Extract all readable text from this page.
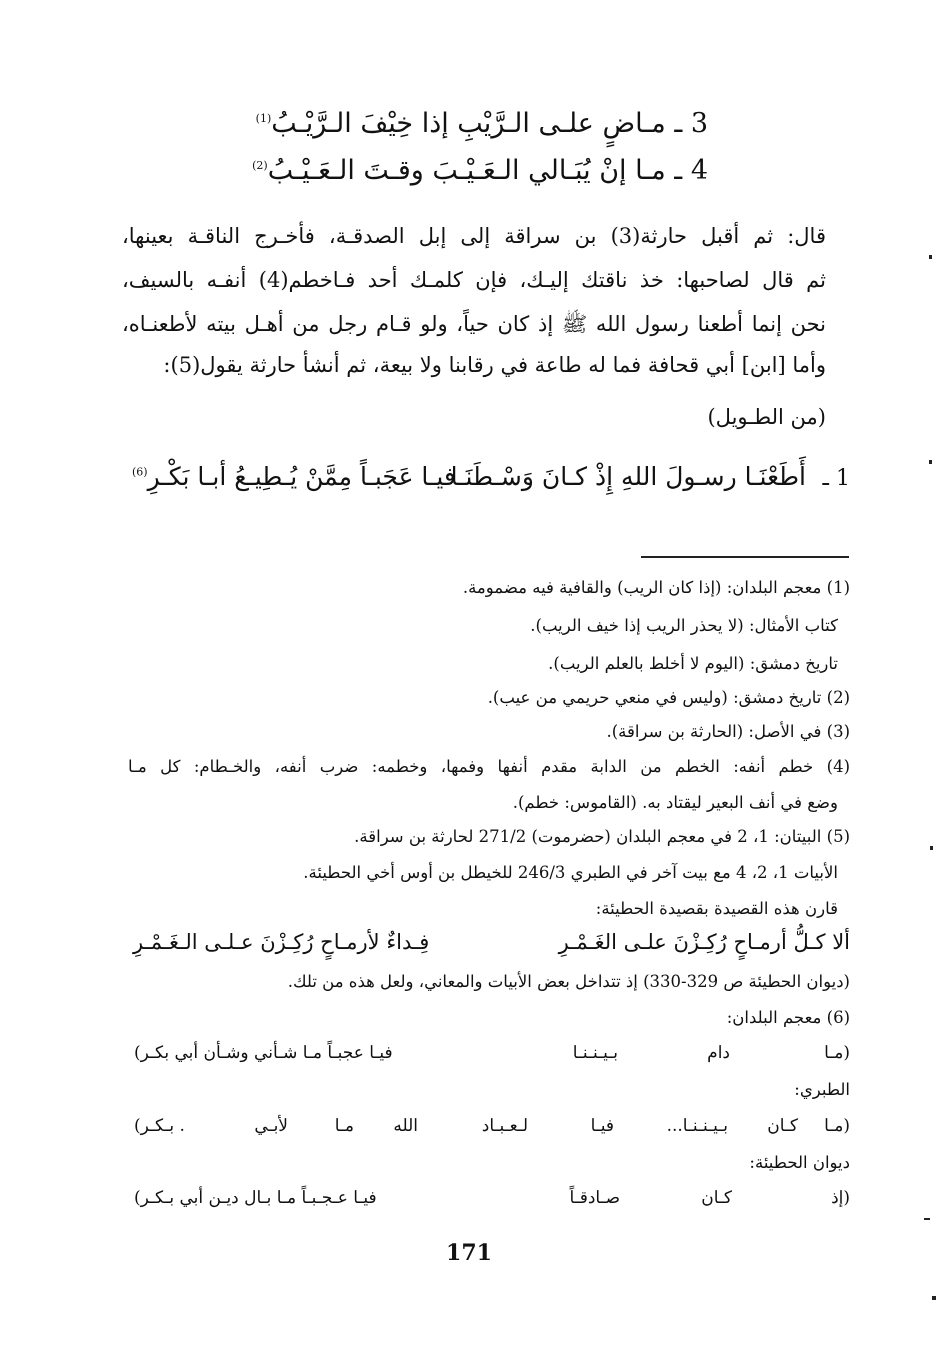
3 ـ مـاضٍ علـى الـرَّيْبِ إذا خِيْفَ الـرَّيْـبُ$^{(1)}$
4 ـ مـا إنْ يُبَـالي الـعَـيْـبَ وقـتَ الـعَـيْـبُ$^{(2)}$
قال: ثم أقبل حارثة(3) بن سراقة إلى إبل الصدقـة، فأخـرج الناقـة بعينها،
ثم قال لصاحبها: خذ ناقتك إليـك، فإن كلمـك أحد فـاخطم(4) أنفـه بالسيف،
نحن إنما أطعنا رسول الله ﷺ إذ كان حياً، ولو قـام رجل من أهـل بيته لأطعنـاه،
وأما [ابن] أبي قحافة فما له طاعة في رقابنا ولا بيعة، ثم أنشأ حارثة يقول(5):
(من الطـويل)
1 ـ
أَطَعْنَـا رسـولَ اللهِ إِذْ كـانَ وَسْـطَنَـا
فيـا عَجَبـاً مِمَّنْ يُـطِيـعُ أبـا بَكْـرِ$^{(6)}$
(1) معجم البلدان: (إذا كان الريب) والقافية فيه مضمومة.
كتاب الأمثال: (لا يحذر الريب إذا خيف الريب).
تاريخ دمشق: (اليوم لا أخلط بالعلم الريب).
(2) تاريخ دمشق: (وليس في منعي حريمي من عيب).
(3) في الأصل: (الحارثة بن سراقة).
(4) خطم أنفه: الخطم من الدابة مقدم أنفها وفمها، وخطمه: ضرب أنفه، والخـطام: كل مـا
وضع في أنف البعير ليقتاد به. (القاموس: خطم).
(5) البيتان: 1، 2 في معجم البلدان (حضرموت) 271/2 لحارثة بن سراقة.
الأبيات 1، 2، 4 مع بيت آخر في الطبري 246/3 للخيطل بن أوس أخي الحطيئة.
قارن هذه القصيدة بقصيدة الحطيئة:
ألا كـلُّ أرمـاحٍ رُكِـزْنَ علـى الغَـمْـرِ
فِـداءٌ لأرمـاحٍ رُكِـزْنَ عـلـى الـغَـمْـرِ
(ديوان الحطيئة ص 329-330) إذ تتداخل بعض الأبيات والمعاني، ولعل هذه من تلك.
(6) معجم البلدان:
(مـا
دام
بـيـنـنـا
فيـا عجبـاً مـا شـأني وشـأن أبي بكـر)
الطبري:
(مـا
كـان
بـيـنـنـا...
فيـا
لـعـبـاد
الله
مـا
لأبـي
. بـكـر)
ديوان الحطيئة:
(إذ
كـان
صـادقـاً
فيـا عـجـبـاً مـا بـال ديـن أبي بـكـر)
171
